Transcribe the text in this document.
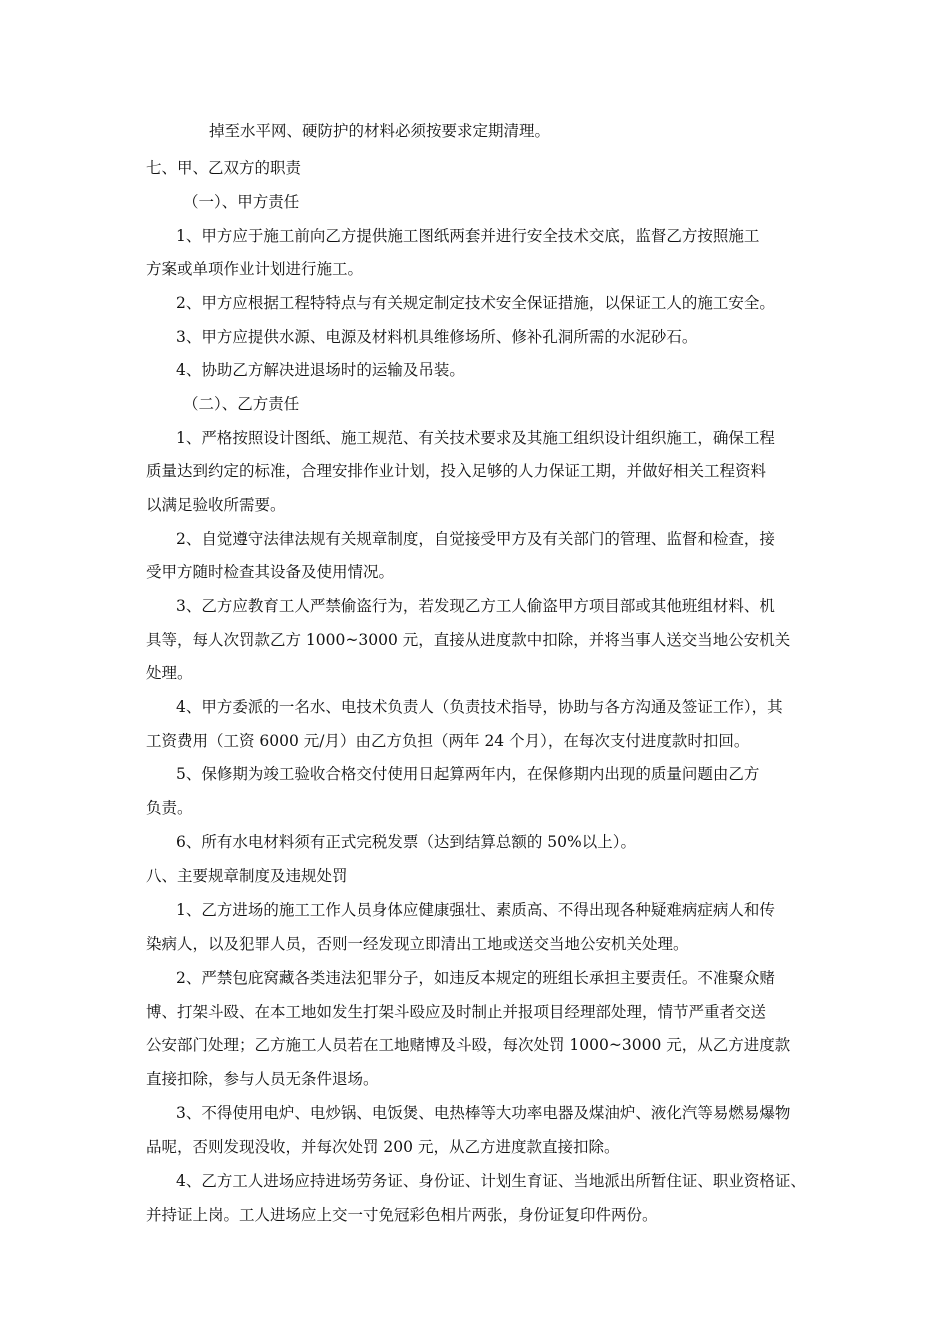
掉至水平网、硬防护的材料必须按要求定期清理。
七、甲、乙双方的职责
（一）、甲方责任
1、甲方应于施工前向乙方提供施工图纸两套并进行安全技术交底，监督乙方按照施工
方案或单项作业计划进行施工。
2、甲方应根据工程特特点与有关规定制定技术安全保证措施，以保证工人的施工安全。
3、甲方应提供水源、电源及材料机具维修场所、修补孔洞所需的水泥砂石。
4、协助乙方解决进退场时的运输及吊装。
（二）、乙方责任
1、严格按照设计图纸、施工规范、有关技术要求及其施工组织设计组织施工，确保工程
质量达到约定的标准，合理安排作业计划，投入足够的人力保证工期，并做好相关工程资料
以满足验收所需要。
2、自觉遵守法律法规有关规章制度，自觉接受甲方及有关部门的管理、监督和检查，接
受甲方随时检查其设备及使用情况。
3、乙方应教育工人严禁偷盗行为，若发现乙方工人偷盗甲方项目部或其他班组材料、机
具等，每人次罚款乙方 1000~3000 元，直接从进度款中扣除，并将当事人送交当地公安机关
处理。
4、甲方委派的一名水、电技术负责人（负责技术指导，协助与各方沟通及签证工作），其
工资费用（工资 6000 元/月）由乙方负担（两年 24 个月），在每次支付进度款时扣回。
5、保修期为竣工验收合格交付使用日起算两年内，在保修期内出现的质量问题由乙方
负责。
6、所有水电材料须有正式完税发票（达到结算总额的 50%以上）。
八、主要规章制度及违规处罚
1、乙方进场的施工工作人员身体应健康强壮、素质高、不得出现各种疑难病症病人和传
染病人，以及犯罪人员，否则一经发现立即清出工地或送交当地公安机关处理。
2、严禁包庇窝藏各类违法犯罪分子，如违反本规定的班组长承担主要责任。不准聚众赌
博、打架斗殴、在本工地如发生打架斗殴应及时制止并报项目经理部处理，情节严重者交送
公安部门处理；乙方施工人员若在工地赌博及斗殴，每次处罚 1000~3000 元，从乙方进度款
直接扣除，参与人员无条件退场。
3、不得使用电炉、电炒锅、电饭煲、电热棒等大功率电器及煤油炉、液化汽等易燃易爆物
品呢，否则发现没收，并每次处罚 200 元，从乙方进度款直接扣除。
4、乙方工人进场应持进场劳务证、身份证、计划生育证、当地派出所暂住证、职业资格证、
并持证上岗。工人进场应上交一寸免冠彩色相片两张，身份证复印件两份。
